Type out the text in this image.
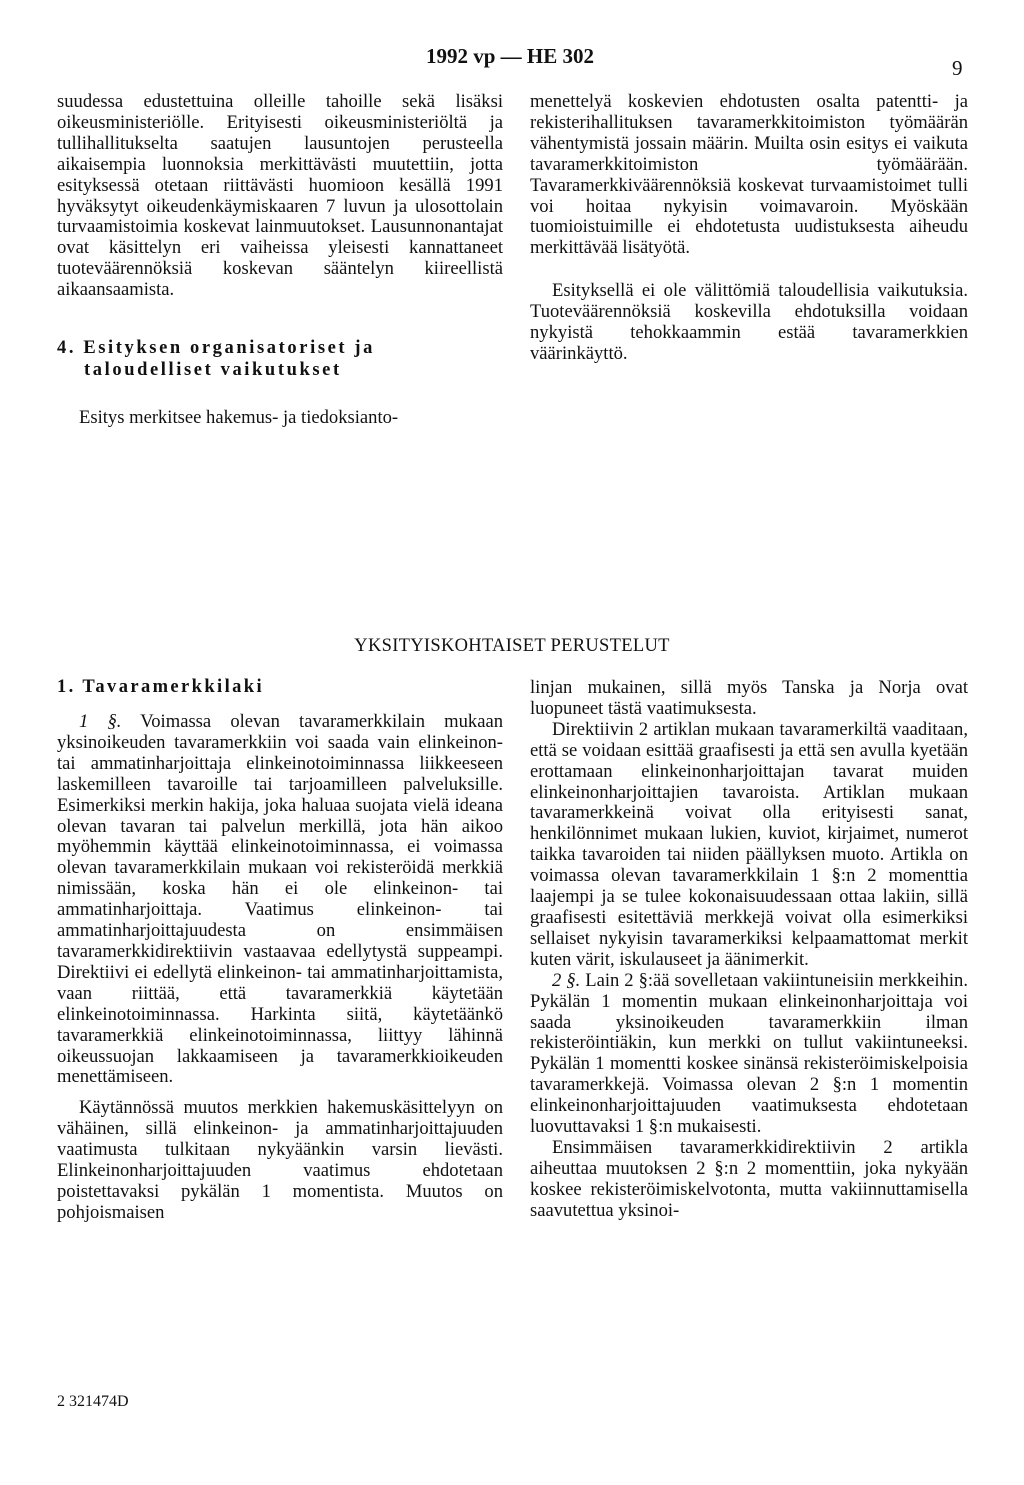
1992 vp — HE 302	9

suudessa edustettuina olleille tahoille sekä lisäksi oikeusministeriölle. Erityisesti oikeusministeriöltä ja tullihallitukselta saatujen lausuntojen perusteella aikaisempia luonnoksia merkittävästi muutettiin, jotta esityksessä otetaan riittävästi huomioon kesällä 1991 hyväksytyt oikeudenkäymiskaaren 7 luvun ja ulosottolain turvaamistoimia koskevat lainmuutokset. Lausunnonantajat ovat käsittelyn eri vaiheissa yleisesti kannattaneet tuoteväärennöksiä koskevan sääntelyn kiireellistä aikaansaamista.

4. Esityksen organisatoriset ja
taloudelliset vaikutukset

Esitys merkitsee hakemus- ja tiedoksianto-

menettelyä koskevien ehdotusten osalta patentti- ja rekisterihallituksen tavaramerkkitoimiston työmäärän vähentymistä jossain määrin. Muilta osin esitys ei vaikuta tavaramerkkitoimiston työmäärään. Tavaramerkkiväärennöksiä koskevat turvaamistoimet tulli voi hoitaa nykyisin voimavaroin. Myöskään tuomioistuimille ei ehdotetusta uudistuksesta aiheudu merkittävää lisätyötä.

Esityksellä ei ole välittömiä taloudellisia vaikutuksia. Tuoteväärennöksiä koskevilla ehdotuksilla voidaan nykyistä tehokkaammin estää tavaramerkkien väärinkäyttö.

YKSITYISKOHTAISET PERUSTELUT
1. Tavaramerkkilaki

1 §. Voimassa olevan tavaramerkkilain mukaan yksinoikeuden tavaramerkkiin voi saada vain elinkeinon- tai ammatinharjoittaja elinkeinotoiminnassa liikkeeseen laskemilleen tavaroille tai tarjoamilleen palveluksille. Esimerkiksi merkin hakija, joka haluaa suojata vielä ideana olevan tavaran tai palvelun merkillä, jota hän aikoo myöhemmin käyttää elinkeinotoiminnassa, ei voimassa olevan tavaramerkkilain mukaan voi rekisteröidä merkkiä nimissään, koska hän ei ole elinkeinon- tai ammatinharjoittaja. Vaatimus elinkeinon- tai ammatinharjoittajuudesta on ensimmäisen tavaramerkkidirektiivin vastaavaa edellytystä suppeampi. Direktiivi ei edellytä elinkeinon- tai ammatinharjoittamista, vaan riittää, että tavaramerkkiä käytetään elinkeinotoiminnassa. Harkinta siitä, käytetäänkö tavaramerkkiä elinkeinotoiminnassa, liittyy lähinnä oikeussuojan lakkaamiseen ja tavaramerkkioikeuden menettämiseen.

Käytännössä muutos merkkien hakemuskäsittelyyn on vähäinen, sillä elinkeinon- ja ammatinharjoittajuuden vaatimusta tulkitaan nykyäänkin varsin lievästi. Elinkeinonharjoittajuuden vaatimus ehdotetaan poistettavaksi pykälän 1 momentista. Muutos on pohjoismaisen

linjan mukainen, sillä myös Tanska ja Norja ovat luopuneet tästä vaatimuksesta.

Direktiivin 2 artiklan mukaan tavaramerkiltä vaaditaan, että se voidaan esittää graafisesti ja että sen avulla kyetään erottamaan elinkeinonharjoittajan tavarat muiden elinkeinonharjoittajien tavaroista. Artiklan mukaan tavaramerkkeinä voivat olla erityisesti sanat, henkilönnimet mukaan lukien, kuviot, kirjaimet, numerot taikka tavaroiden tai niiden päällyksen muoto. Artikla on voimassa olevan tavaramerkkilain 1 §:n 2 momenttia laajempi ja se tulee kokonaisuudessaan ottaa lakiin, sillä graafisesti esitettäviä merkkejä voivat olla esimerkiksi sellaiset nykyisin tavaramerkiksi kelpaamattomat merkit kuten värit, iskulauseet ja äänimerkit.

2 §. Lain 2 §:ää sovelletaan vakiintuneisiin merkkeihin. Pykälän 1 momentin mukaan elinkeinonharjoittaja voi saada yksinoikeuden tavaramerkkiin ilman rekisteröintiäkin, kun merkki on tullut vakiintuneeksi. Pykälän 1 momentti koskee sinänsä rekisteröimiskelpoisia tavaramerkkejä. Voimassa olevan 2 §:n 1 momentin elinkeinonharjoittajuuden vaatimuksesta ehdotetaan luovuttavaksi 1 §:n mukaisesti.

Ensimmäisen tavaramerkkidirektiivin 2 artikla aiheuttaa muutoksen 2 §:n 2 momenttiin, joka nykyään koskee rekisteröimiskelvotonta, mutta vakiinnuttamisella saavutettua yksinoi-

2 321474D
